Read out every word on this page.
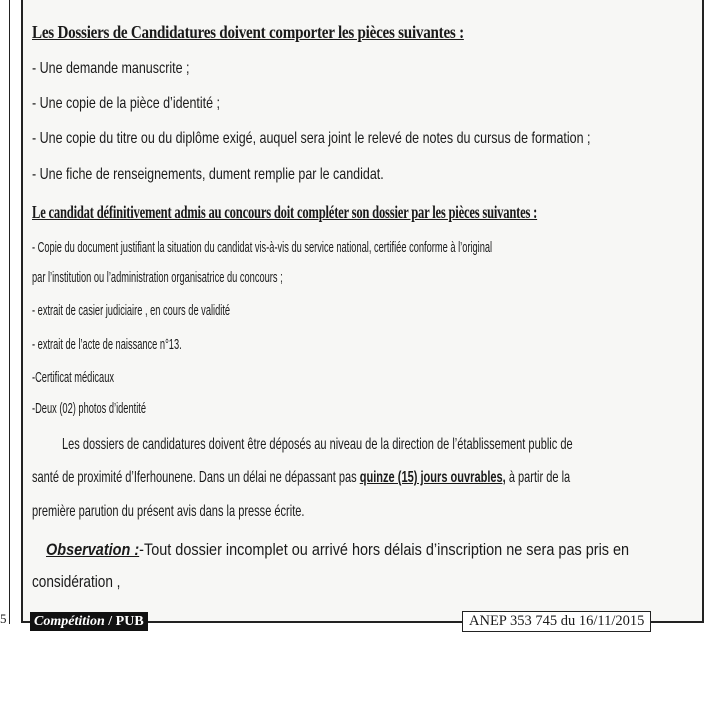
5
Les Dossiers de Candidatures doivent comporter les pièces suivantes :
- Une demande manuscrite ;
- Une copie de la pièce d’identité ;
- Une copie du titre ou du diplôme exigé, auquel sera joint le relevé de notes du cursus de formation ;
- Une fiche de renseignements, dument remplie par le candidat.
Le candidat définitivement admis au concours doit compléter son dossier par les pièces suivantes :
- Copie du document justifiant la situation du candidat vis-à-vis du service national, certifiée conforme à l’original
par l’institution ou l’administration organisatrice du concours ;
- extrait de casier judiciaire , en cours de validité
- extrait de l’acte de naissance n°13.
-Certificat médicaux
-Deux (02) photos d’identité
Les dossiers de candidatures doivent être déposés au niveau de la direction de l’établissement public de
santé de proximité d’Iferhounene. Dans un délai ne dépassant pas quinze (15) jours ouvrables, à partir de la
première parution du présent avis dans la presse écrite.
Observation :-Tout dossier incomplet ou arrivé hors délais d’inscription ne sera pas pris en
considération ,
Compétition / PUB	ANEP 353 745 du 16/11/2015
